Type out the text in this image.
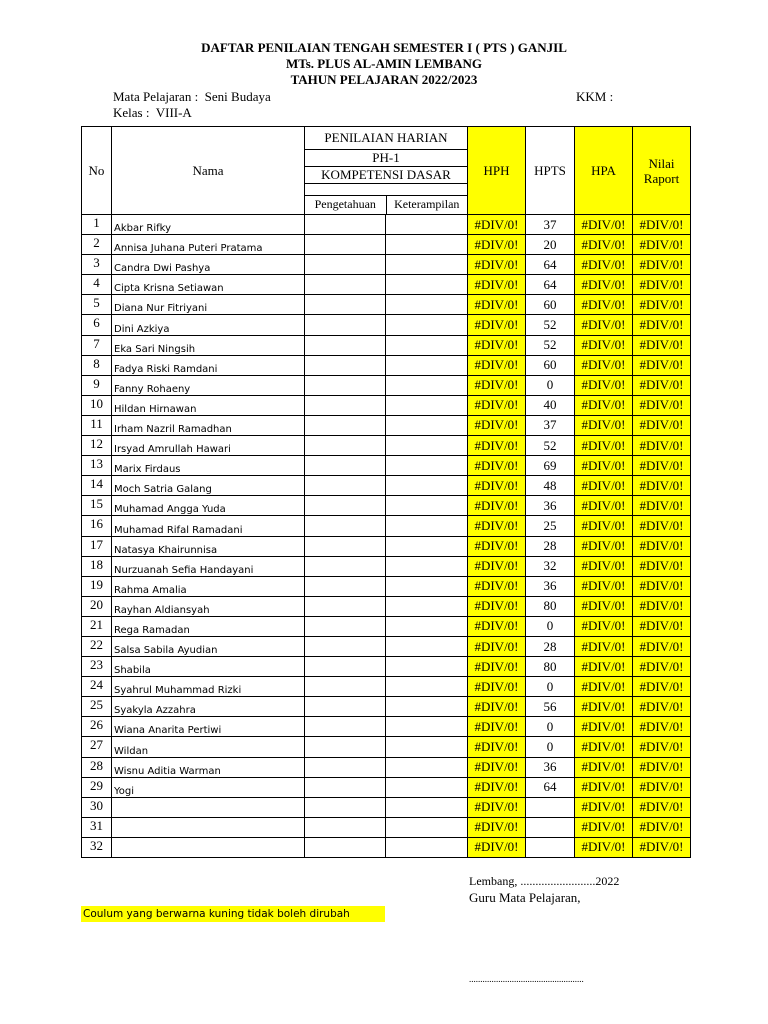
DAFTAR PENILAIAN TENGAH SEMESTER I ( PTS ) GANJIL
MTs. PLUS AL-AMIN LEMBANG
TAHUN PELAJARAN 2022/2023
Mata Pelajaran :  Seni Budaya	KKM :
Kelas :  VIII-A
No	Nama	
PENILAIAN HARIAN
PH-1
KOMPETENSI DASAR

Pengetahuan	Keterampilan
	HPH	HPTS	HPA	Nilai
Raport

1	Akbar Rifky			#DIV/0!	37	#DIV/0!	#DIV/0!
2	Annisa Juhana Puteri Pratama			#DIV/0!	20	#DIV/0!	#DIV/0!
3	Candra Dwi Pashya			#DIV/0!	64	#DIV/0!	#DIV/0!
4	Cipta Krisna Setiawan			#DIV/0!	64	#DIV/0!	#DIV/0!
5	Diana Nur Fitriyani			#DIV/0!	60	#DIV/0!	#DIV/0!
6	Dini Azkiya			#DIV/0!	52	#DIV/0!	#DIV/0!
7	Eka Sari Ningsih			#DIV/0!	52	#DIV/0!	#DIV/0!
8	Fadya Riski Ramdani			#DIV/0!	60	#DIV/0!	#DIV/0!
9	Fanny Rohaeny			#DIV/0!	0	#DIV/0!	#DIV/0!
10	Hildan Hirnawan			#DIV/0!	40	#DIV/0!	#DIV/0!
11	Irham Nazril Ramadhan			#DIV/0!	37	#DIV/0!	#DIV/0!
12	Irsyad Amrullah Hawari			#DIV/0!	52	#DIV/0!	#DIV/0!
13	Marix Firdaus			#DIV/0!	69	#DIV/0!	#DIV/0!
14	Moch Satria Galang			#DIV/0!	48	#DIV/0!	#DIV/0!
15	Muhamad Angga Yuda			#DIV/0!	36	#DIV/0!	#DIV/0!
16	Muhamad Rifal Ramadani			#DIV/0!	25	#DIV/0!	#DIV/0!
17	Natasya Khairunnisa			#DIV/0!	28	#DIV/0!	#DIV/0!
18	Nurzuanah Sefia Handayani			#DIV/0!	32	#DIV/0!	#DIV/0!
19	Rahma Amalia			#DIV/0!	36	#DIV/0!	#DIV/0!
20	Rayhan Aldiansyah			#DIV/0!	80	#DIV/0!	#DIV/0!
21	Rega Ramadan			#DIV/0!	0	#DIV/0!	#DIV/0!
22	Salsa Sabila Ayudian			#DIV/0!	28	#DIV/0!	#DIV/0!
23	Shabila			#DIV/0!	80	#DIV/0!	#DIV/0!
24	Syahrul Muhammad Rizki			#DIV/0!	0	#DIV/0!	#DIV/0!
25	Syakyla Azzahra			#DIV/0!	56	#DIV/0!	#DIV/0!
26	Wiana Anarita Pertiwi			#DIV/0!	0	#DIV/0!	#DIV/0!
27	Wildan			#DIV/0!	0	#DIV/0!	#DIV/0!
28	Wisnu Aditia Warman			#DIV/0!	36	#DIV/0!	#DIV/0!
29	Yogi			#DIV/0!	64	#DIV/0!	#DIV/0!
30				#DIV/0!		#DIV/0!	#DIV/0!
31				#DIV/0!		#DIV/0!	#DIV/0!
32				#DIV/0!		#DIV/0!	#DIV/0!
Coulum yang berwarna kuning tidak boleh dirubah
Lembang, .........................2022
Guru Mata Pelajaran,
...................................................
